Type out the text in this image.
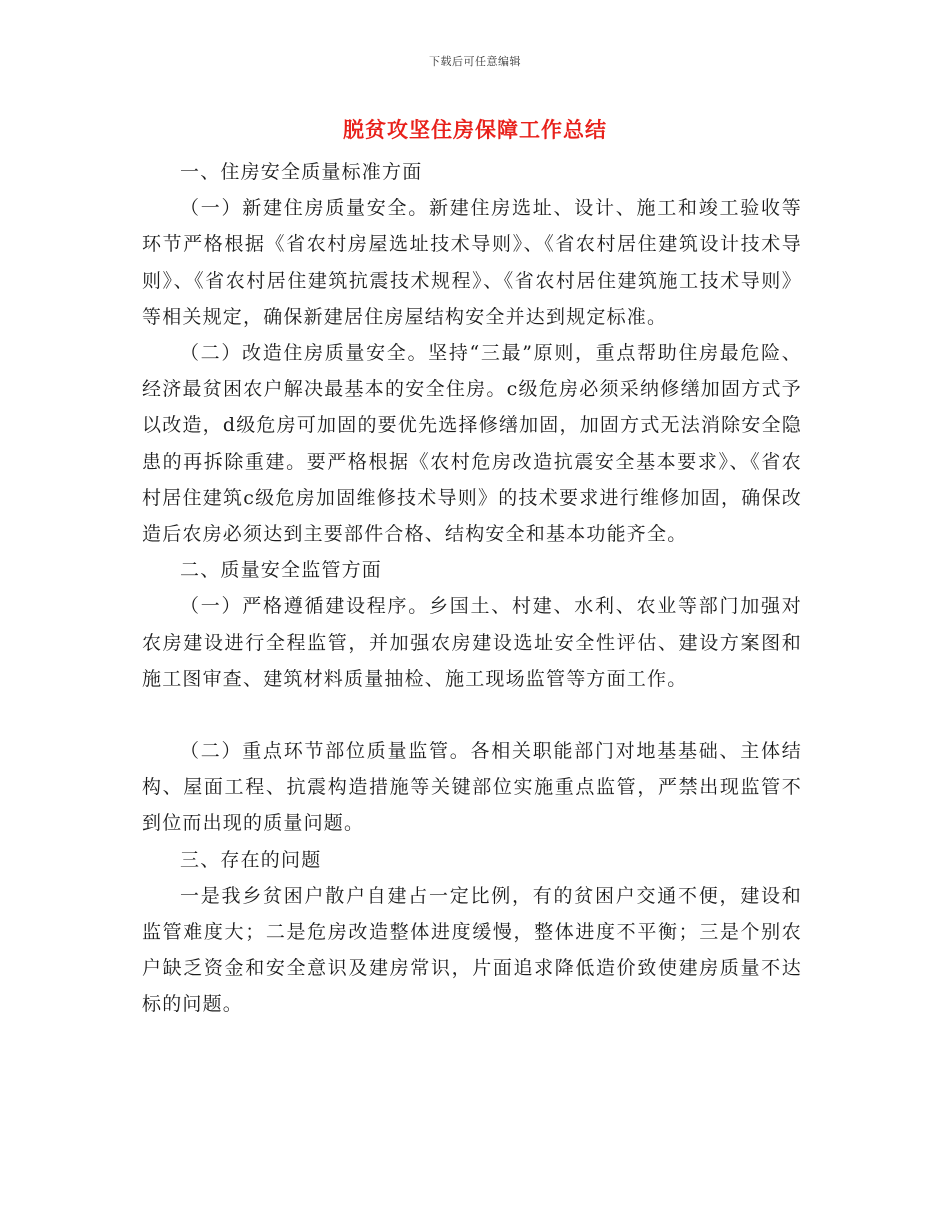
下载后可任意编辑
脱贫攻坚住房保障工作总结

一、住房安全质量标准方面

（一）新建住房质量安全。新建住房选址、设计、施工和竣工验收等环节严格根据《省农村房屋选址技术导则》、《省农村居住建筑设计技术导则》、《省农村居住建筑抗震技术规程》、《省农村居住建筑施工技术导则》等相关规定，确保新建居住房屋结构安全并达到规定标准。

（二）改造住房质量安全。坚持“三最”原则，重点帮助住房最危险、经济最贫困农户解决最基本的安全住房。c级危房必须采纳修缮加固方式予以改造，d级危房可加固的要优先选择修缮加固，加固方式无法消除安全隐患的再拆除重建。要严格根据《农村危房改造抗震安全基本要求》、《省农村居住建筑c级危房加固维修技术导则》的技术要求进行维修加固，确保改造后农房必须达到主要部件合格、结构安全和基本功能齐全。

二、质量安全监管方面

（一）严格遵循建设程序。乡国土、村建、水利、农业等部门加强对农房建设进行全程监管，并加强农房建设选址安全性评估、建设方案图和施工图审查、建筑材料质量抽检、施工现场监管等方面工作。

（二）重点环节部位质量监管。各相关职能部门对地基基础、主体结构、屋面工程、抗震构造措施等关键部位实施重点监管，严禁出现监管不到位而出现的质量问题。

三、存在的问题

一是我乡贫困户散户自建占一定比例，有的贫困户交通不便，建设和监管难度大；二是危房改造整体进度缓慢，整体进度不平衡；三是个别农户缺乏资金和安全意识及建房常识，片面追求降低造价致使建房质量不达标的问题。
